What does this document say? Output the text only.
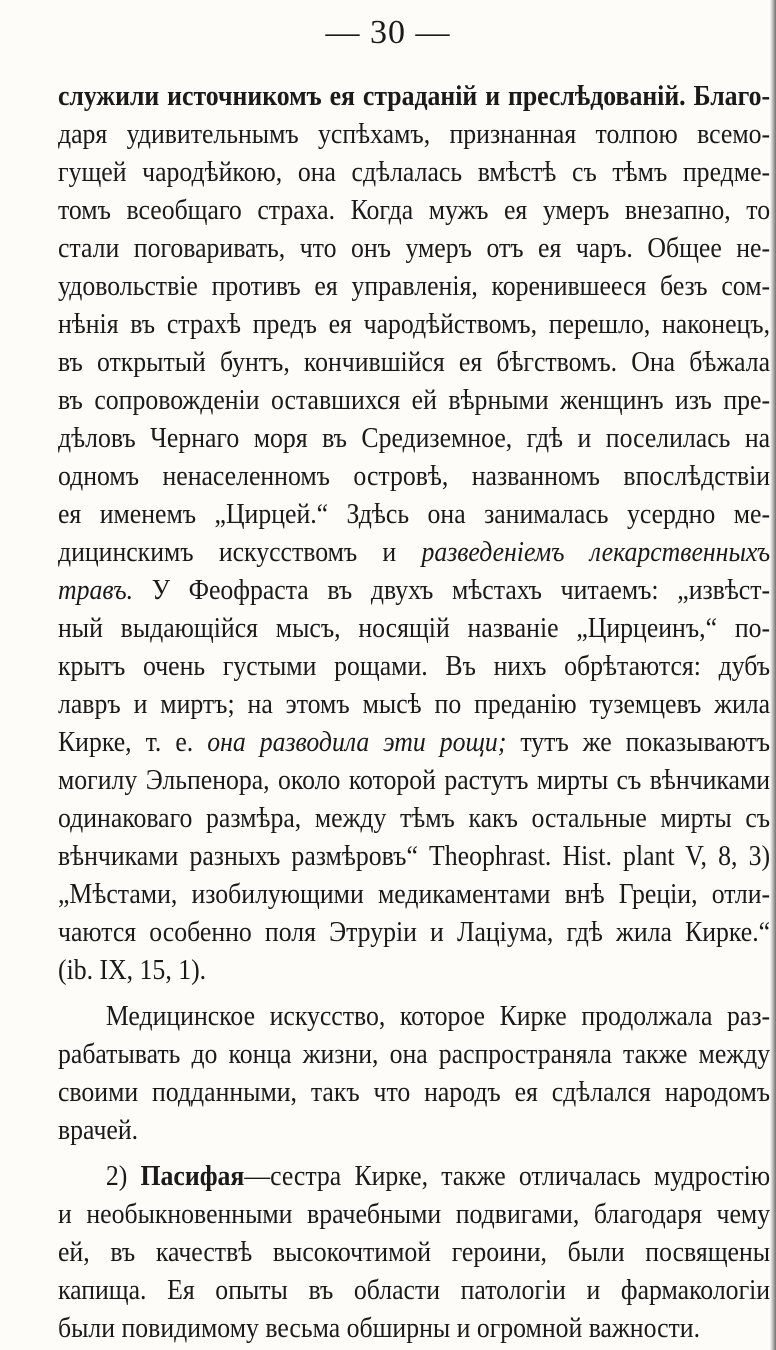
— 30 —
служили источникомъ ея страданій и преслѣдованій. Благо-
даря удивительнымъ успѣхамъ, признанная толпою всемо-
гущей чародѣйкою, она сдѣлалась вмѣстѣ съ тѣмъ предме-
томъ всеобщаго страха. Когда мужъ ея умеръ внезапно, то
стали поговаривать, что онъ умеръ отъ ея чаръ. Общее не-
удовольствіе противъ ея управленія, коренившееся безъ сом-
нѣнія въ страхѣ предъ ея чародѣйствомъ, перешло, наконецъ,
въ открытый бунтъ, кончившійся ея бѣгствомъ. Она бѣжала
въ сопровожденіи оставшихся ей вѣрными женщинъ изъ пре-
дѣловъ Чернаго моря въ Средиземное, гдѣ и поселилась на
одномъ ненаселенномъ островѣ, названномъ впослѣдствіи
ея именемъ „Цирцей.“ Здѣсь она занималась усердно ме-
дицинскимъ искусствомъ и разведеніемъ лекарственныхъ
травъ. У Феофраста въ двухъ мѣстахъ читаемъ: „извѣст-
ный выдающійся мысъ, носящій названіе „Цирцеинъ,“ по-
крытъ очень густыми рощами. Въ нихъ обрѣтаются: дубъ
лавръ и миртъ; на этомъ мысѣ по преданію туземцевъ жила
Кирке, т. е. она разводила эти рощи; тутъ же показываютъ
могилу Эльпенора, около которой растутъ мирты съ вѣнчиками
одинаковаго размѣра, между тѣмъ какъ остальные мирты съ
вѣнчиками разныхъ размѣровъ“ Theophrast. Hist. plant V, 8, 3)
„Мѣстами, изобилующими медикаментами внѣ Греціи, отли-
чаются особенно поля Этруріи и Лаціума, гдѣ жила Кирке.“
(ib. IX, 15, 1).
Медицинское искусство, которое Кирке продолжала раз-
рабатывать до конца жизни, она распространяла также между
своими подданными, такъ что народъ ея сдѣлался народомъ
врачей.
2) Пасифая—сестра Кирке, также отличалась мудростію
и необыкновенными врачебными подвигами, благодаря чему
ей, въ качествѣ высокочтимой героини, были посвящены
капища. Ея опыты въ области патологіи и фармакологіи
были повидимому весьма обширны и огромной важности.
